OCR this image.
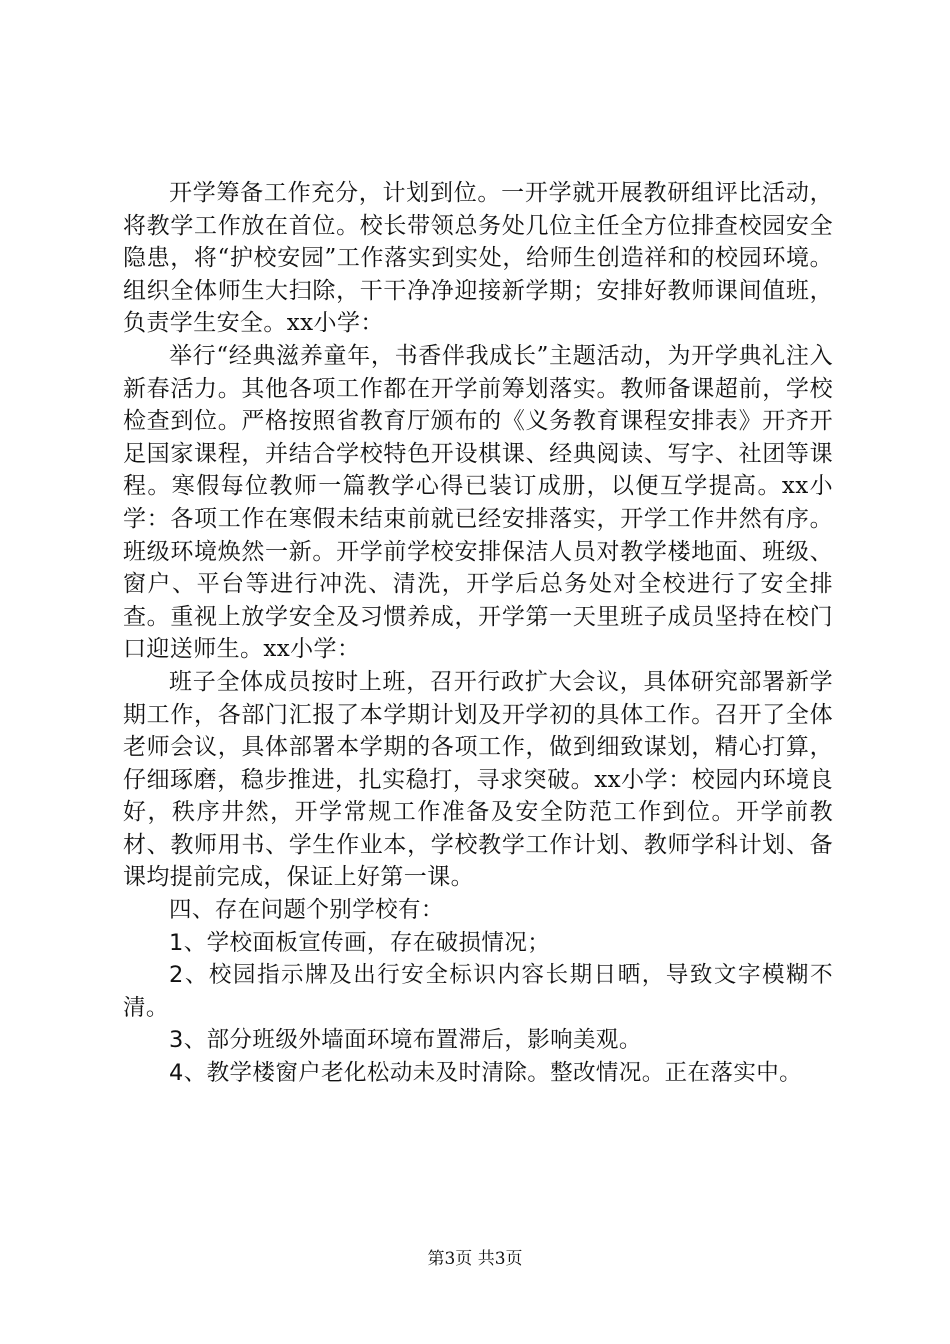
开学筹备工作充分，计划到位。一开学就开展教研组评比活动，将教学工作放在首位。校长带领总务处几位主任全方位排查校园安全隐患，将“护校安园”工作落实到实处，给师生创造祥和的校园环境。组织全体师生大扫除，干干净净迎接新学期；安排好教师课间值班，负责学生安全。xx小学：

举行“经典滋养童年，书香伴我成长”主题活动，为开学典礼注入新春活力。其他各项工作都在开学前筹划落实。教师备课超前，学校检查到位。严格按照省教育厅颁布的《义务教育课程安排表》开齐开足国家课程，并结合学校特色开设棋课、经典阅读、写字、社团等课程。寒假每位教师一篇教学心得已装订成册，以便互学提高。xx小学：各项工作在寒假未结束前就已经安排落实，开学工作井然有序。班级环境焕然一新。开学前学校安排保洁人员对教学楼地面、班级、窗户、平台等进行冲洗、清洗，开学后总务处对全校进行了安全排查。重视上放学安全及习惯养成，开学第一天里班子成员坚持在校门口迎送师生。xx小学：

班子全体成员按时上班，召开行政扩大会议，具体研究部署新学期工作，各部门汇报了本学期计划及开学初的具体工作。召开了全体老师会议，具体部署本学期的各项工作，做到细致谋划，精心打算，仔细琢磨，稳步推进，扎实稳打，寻求突破。xx小学：校园内环境良好，秩序井然，开学常规工作准备及安全防范工作到位。开学前教材、教师用书、学生作业本，学校教学工作计划、教师学科计划、备课均提前完成，保证上好第一课。

四、存在问题个别学校有：

1、学校面板宣传画，存在破损情况；

2、校园指示牌及出行安全标识内容长期日晒，导致文字模糊不清。

3、部分班级外墙面环境布置滞后，影响美观。

4、教学楼窗户老化松动未及时清除。整改情况。正在落实中。

第3页 共3页
